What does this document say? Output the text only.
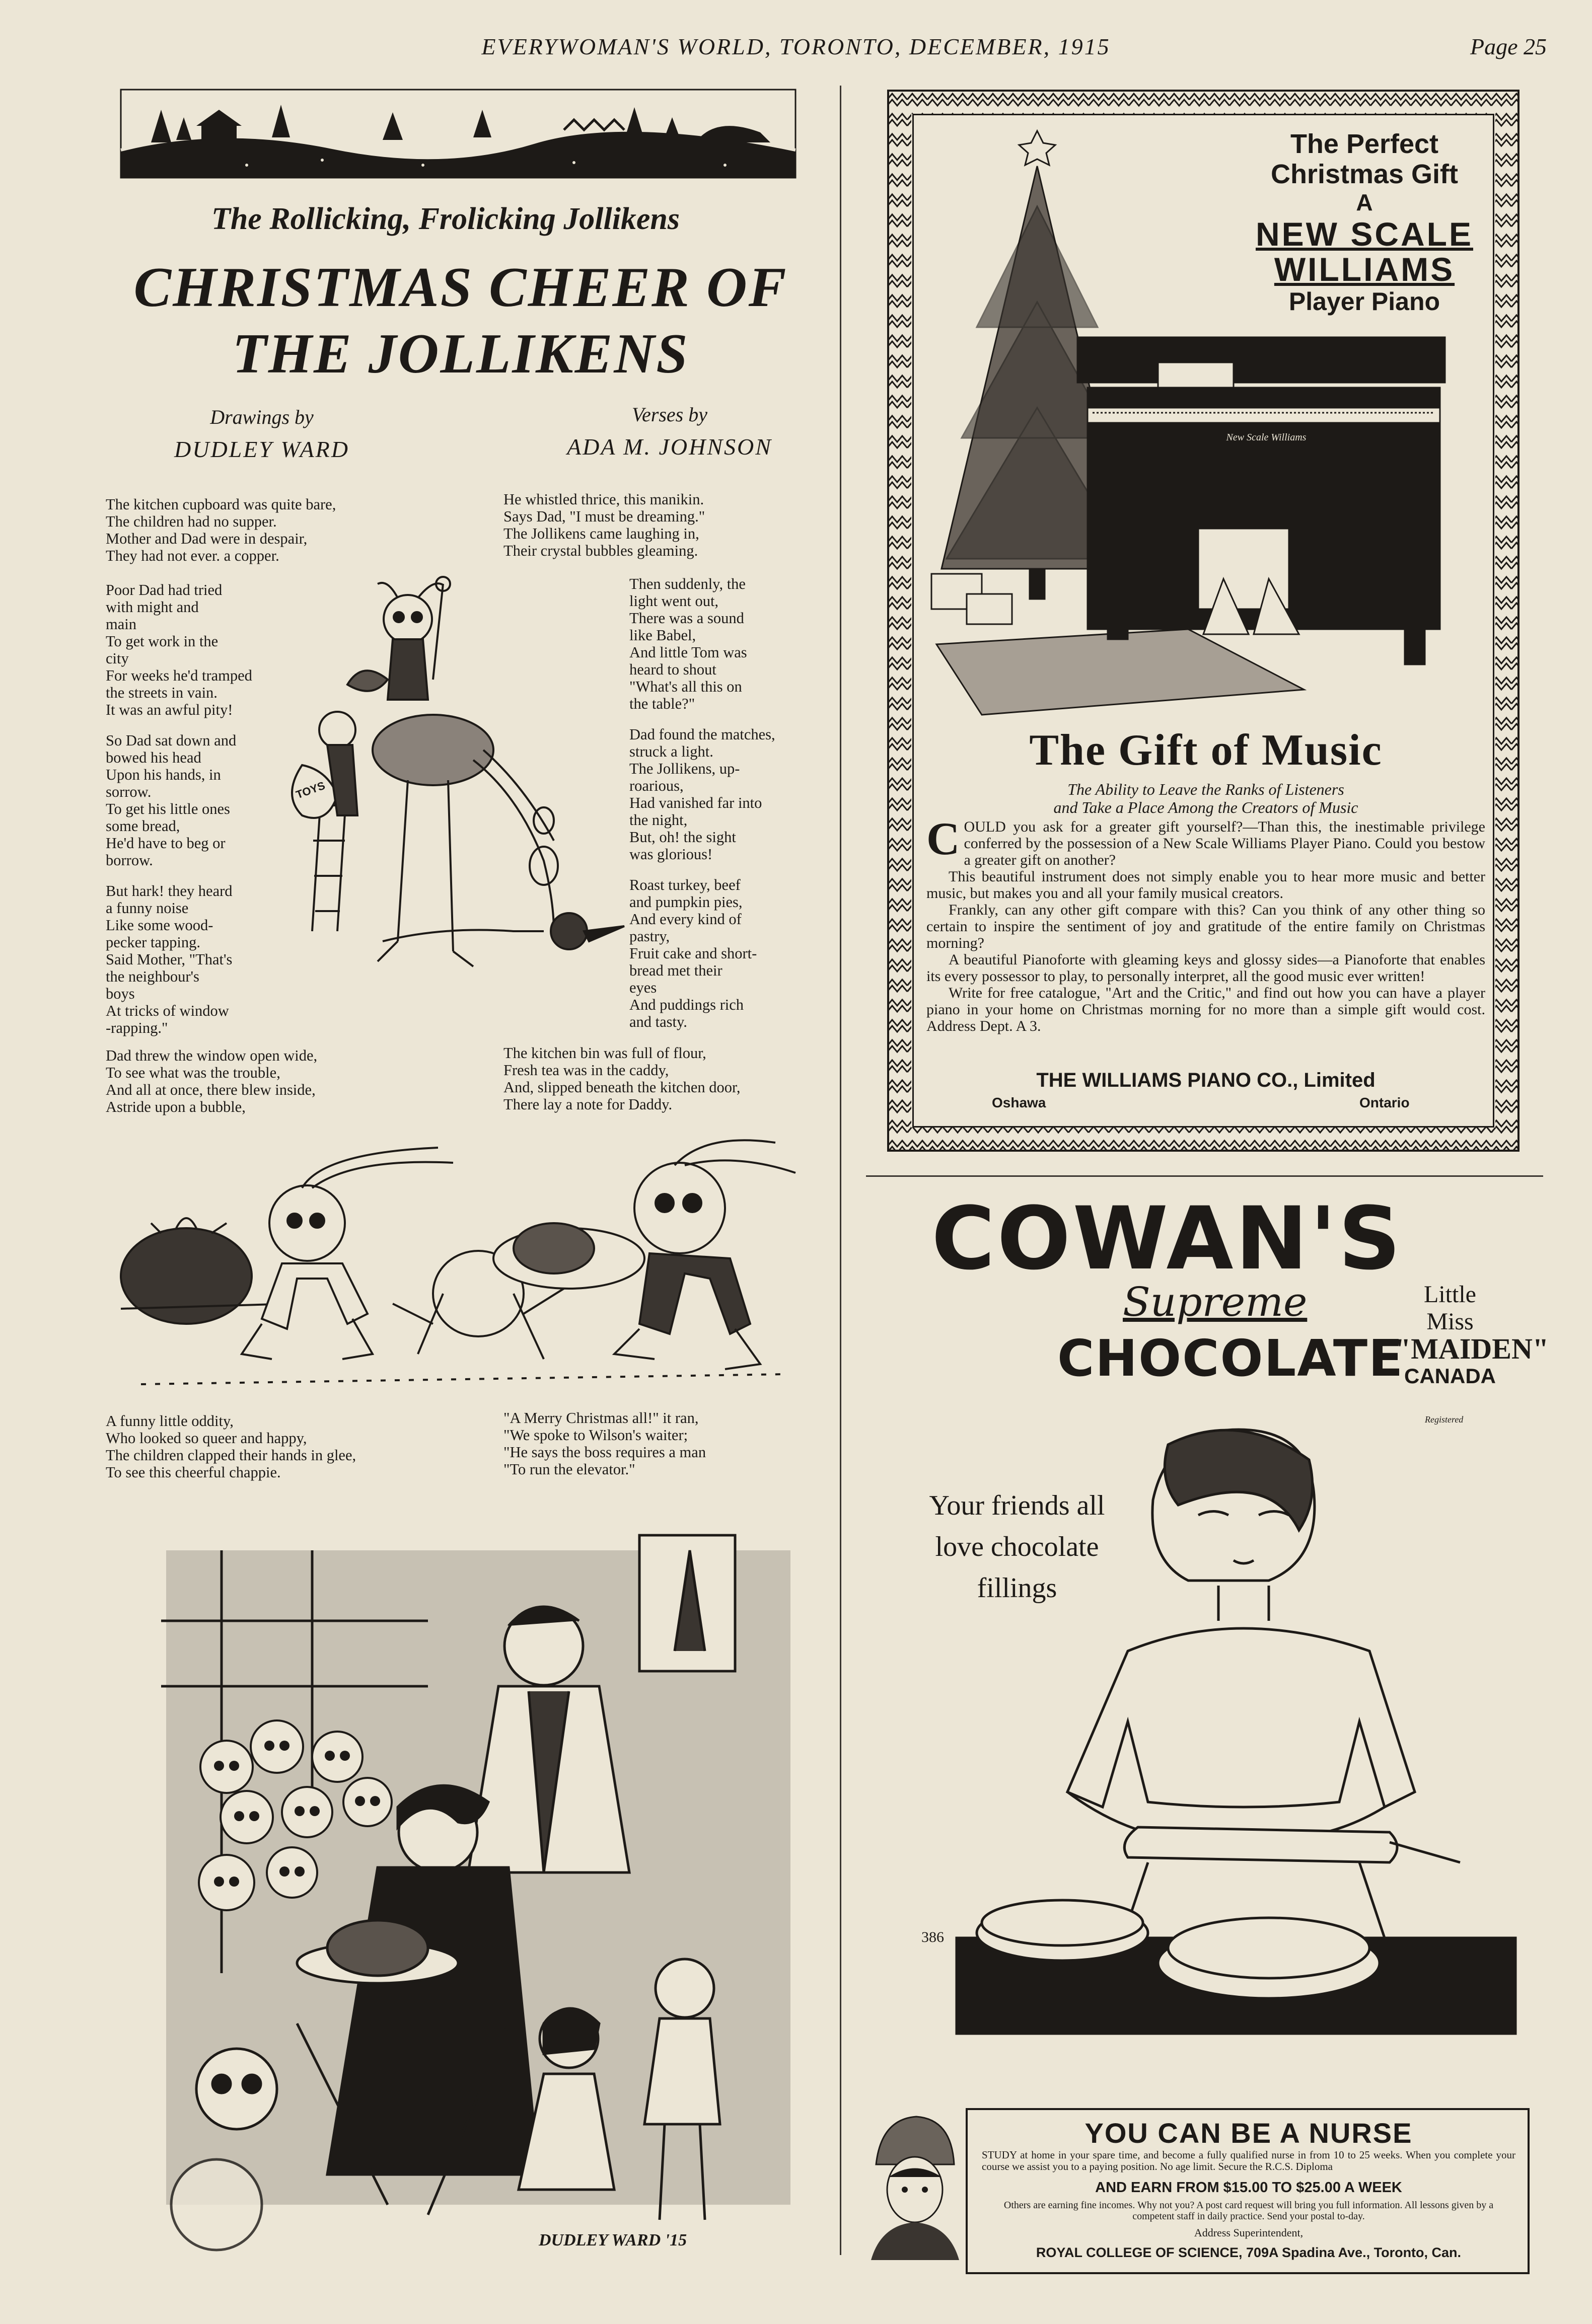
EVERYWOMAN'S WORLD, TORONTO, DECEMBER, 1915	Page 25
The Rollicking, Frolicking Jollikens
CHRISTMAS CHEER OF
THE JOLLIKENS
Drawings by
DUDLEY WARD
Verses by
ADA M. JOHNSON

The kitchen cupboard was quite bare,
The children had no supper.
Mother and Dad were in despair,
They had not ever. a copper.

Poor Dad had tried
with might and
main
To get work in the
city
For weeks he'd tramped
the streets in vain.
It was an awful pity!

So Dad sat down and
bowed his head
Upon his hands, in
sorrow.
To get his little ones
some bread,
He'd have to beg or
borrow.

But hark! they heard
a funny noise
Like some wood-
pecker tapping.
Said Mother, "That's
the neighbour's
boys
At tricks of window
-rapping."

Dad threw the window open wide,
To see what was the trouble,
And all at once, there blew inside,
Astride upon a bubble,

He whistled thrice, this manikin.
Says Dad, "I must be dreaming."
The Jollikens came laughing in,
Their crystal bubbles gleaming.

Then suddenly, the
light went out,
There was a sound
like Babel,
And little Tom was
heard to shout
"What's all this on
the table?"

Dad found the matches,
struck a light.
The Jollikens, up-
roarious,
Had vanished far into
the night,
But, oh! the sight
was glorious!

Roast turkey, beef
and pumpkin pies,
And every kind of
pastry,
Fruit cake and short-
bread met their
eyes
And puddings rich
and tasty.

The kitchen bin was full of flour,
Fresh tea was in the caddy,
And, slipped beneath the kitchen door,
There lay a note for Daddy.

TOYS
A funny little oddity,
Who looked so queer and happy,
The children clapped their hands in glee,
To see this cheerful chappie.
"A Merry Christmas all!" it ran,
"We spoke to Wilson's waiter;
"He says the boss requires a man
"To run the elevator."
DUDLEY WARD '15
New Scale Williams
The Perfect
Christmas Gift
A
NEW SCALE
WILLIAMS
Player Piano
The Gift of Music
The Ability to Leave the Ranks of Listeners
and Take a Place Among the Creators of Music

COULD you ask for a greater gift yourself?—Than this, the inestimable privilege conferred by the possession of a New Scale Williams Player Piano. Could you bestow a greater gift on another?

This beautiful instrument does not simply enable you to hear more music and better music, but makes you and all your family musical creators.

Frankly, can any other gift compare with this? Can you think of any other thing so certain to inspire the sentiment of joy and gratitude of the entire family on Christmas morning?

A beautiful Pianoforte with gleaming keys and glossy sides—a Pianoforte that enables its every possessor to play, to personally interpret, all the good music ever written!

Write for free catalogue, "Art and the Critic," and find out how you can have a player piano in your home on Christmas morning for no more than a simple gift would cost. Address Dept. A 3.

THE WILLIAMS PIANO CO., Limited
Oshawa	Ontario
COWAN'S
Supreme
CHOCOLATE
Little
Miss
"MAIDEN"
CANADA
Registered
Your friends all
love chocolate
fillings
386
YOU CAN BE A NURSE
STUDY at home in your spare time, and become a fully qualified nurse in from 10 to 25 weeks. When you complete your course we assist you to a paying position. No age limit. Secure the R.C.S. Diploma
AND EARN FROM $15.00 TO $25.00 A WEEK
Others are earning fine incomes. Why not you? A post card request will bring you full information. All lessons given by a competent staff in daily practice. Send your postal to-day.
Address Superintendent,
ROYAL COLLEGE OF SCIENCE, 709A Spadina Ave., Toronto, Can.
